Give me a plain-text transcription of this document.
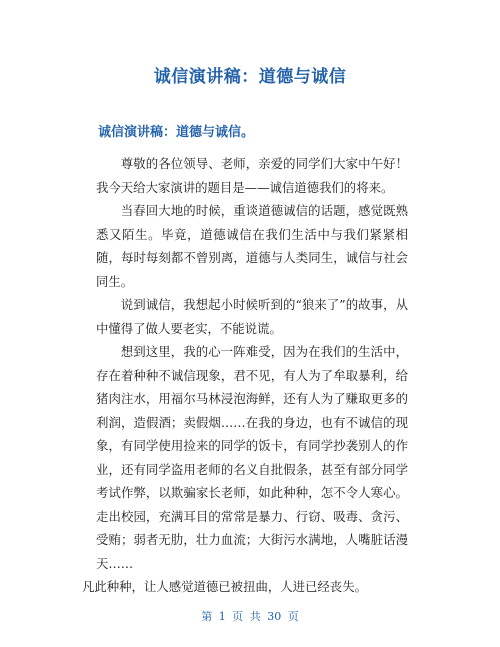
诚信演讲稿：道德与诚信
诚信演讲稿：道德与诚信。

尊敬的各位领导、老师，亲爱的同学们大家中午好！我今天给大家演讲的题目是——诚信道德我们的将来。

当春回大地的时候，重谈道德诚信的话题，感觉既熟悉又陌生。毕竟，道德诚信在我们生活中与我们紧紧相随，每时每刻都不曾别离，道德与人类同生，诚信与社会同生。

说到诚信，我想起小时候听到的“狼来了”的故事，从中懂得了做人要老实，不能说谎。

想到这里，我的心一阵难受，因为在我们的生活中，存在着种种不诚信现象，君不见，有人为了牟取暴利，给猪肉注水，用福尔马林浸泡海鲜，还有人为了赚取更多的利润，造假酒；卖假烟……在我的身边，也有不诚信的现象，有同学使用捡来的同学的饭卡，有同学抄袭别人的作业，还有同学盗用老师的名义自批假条，甚至有部分同学考试作弊，以欺骗家长老师，如此种种，怎不令人寒心。走出校园，充满耳目的常常是暴力、行窃、吸毒、贪污、受贿；弱者无肋，壮力血流；大街污水满地，人嘴脏话漫天……

凡此种种，让人感觉道德已被扭曲，人进已经丧失。

第 1 页 共 30 页
